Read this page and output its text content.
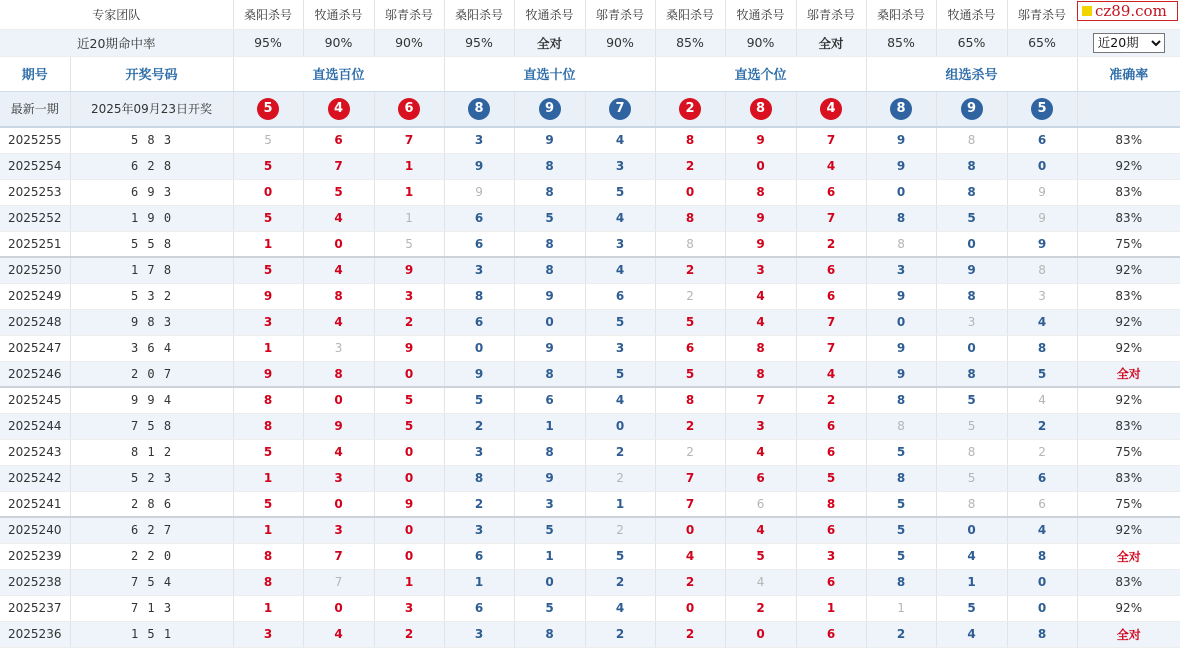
cz89.com
专家团队		桑阳杀号	牧通杀号	邬青杀号	桑阳杀号	牧通杀号	邬青杀号	桑阳杀号	牧通杀号	邬青杀号	桑阳杀号	牧通杀号	邬青杀号	
近20期命中率		95%	90%	90%	95%	全对	90%	85%	90%	全对	85%	65%	65%	
近20期
期号	开奖号码	直选百位			直选十位			直选个位			组选杀号			准确率
最新一期	2025年09月23日开奖	5	4	6	8	9	7	2	8	4	8	9	5	
2025255	5 8 3	5	6	7	3	9	4	8	9	7	9	8	6	83%
2025254	6 2 8	5	7	1	9	8	3	2	0	4	9	8	0	92%
2025253	6 9 3	0	5	1	9	8	5	0	8	6	0	8	9	83%
2025252	1 9 0	5	4	1	6	5	4	8	9	7	8	5	9	83%
2025251	5 5 8	1	0	5	6	8	3	8	9	2	8	0	9	75%
2025250	1 7 8	5	4	9	3	8	4	2	3	6	3	9	8	92%
2025249	5 3 2	9	8	3	8	9	6	2	4	6	9	8	3	83%
2025248	9 8 3	3	4	2	6	0	5	5	4	7	0	3	4	92%
2025247	3 6 4	1	3	9	0	9	3	6	8	7	9	0	8	92%
2025246	2 0 7	9	8	0	9	8	5	5	8	4	9	8	5	全对
2025245	9 9 4	8	0	5	5	6	4	8	7	2	8	5	4	92%
2025244	7 5 8	8	9	5	2	1	0	2	3	6	8	5	2	83%
2025243	8 1 2	5	4	0	3	8	2	2	4	6	5	8	2	75%
2025242	5 2 3	1	3	0	8	9	2	7	6	5	8	5	6	83%
2025241	2 8 6	5	0	9	2	3	1	7	6	8	5	8	6	75%
2025240	6 2 7	1	3	0	3	5	2	0	4	6	5	0	4	92%
2025239	2 2 0	8	7	0	6	1	5	4	5	3	5	4	8	全对
2025238	7 5 4	8	7	1	1	0	2	2	4	6	8	1	0	83%
2025237	7 1 3	1	0	3	6	5	4	0	2	1	1	5	0	92%
2025236	1 5 1	3	4	2	3	8	2	2	0	6	2	4	8	全对
